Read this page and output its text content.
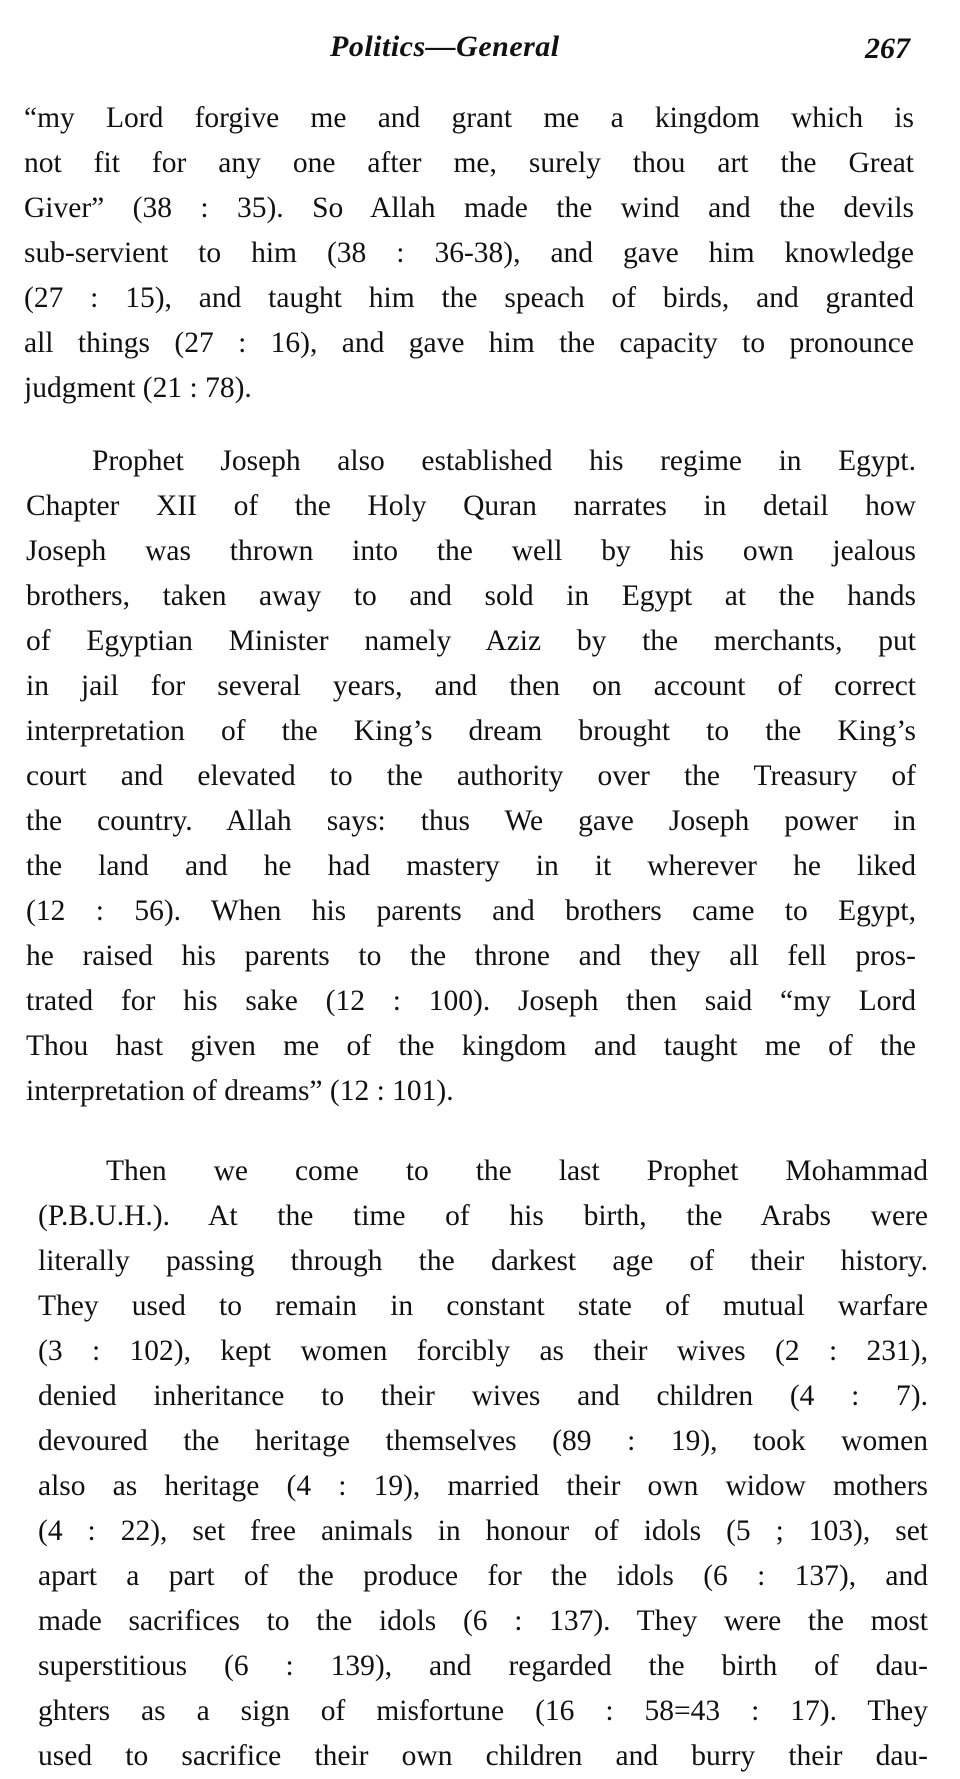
Politics—General	267
“my Lord forgive me and grant me a kingdom which is
not fit for any one after me, surely thou art the Great
Giver” (38 : 35). So Allah made the wind and the devils
sub-servient to him (38 : 36-38), and gave him knowledge
(27 : 15), and taught him the speach of birds, and granted
all things (27 : 16), and gave him the capacity to pronounce
judgment (21 : 78).
Prophet Joseph also established his regime in Egypt.
Chapter XII of the Holy Quran narrates in detail how
Joseph was thrown into the well by his own jealous
brothers, taken away to and sold in Egypt at the hands
of Egyptian Minister namely Aziz by the merchants, put
in jail for several years, and then on account of correct
interpretation of the King’s dream brought to the King’s
court and elevated to the authority over the Treasury of
the country. Allah says: thus We gave Joseph power in
the land and he had mastery in it wherever he liked
(12 : 56). When his parents and brothers came to Egypt,
he raised his parents to the throne and they all fell pros-
trated for his sake (12 : 100). Joseph then said “my Lord
Thou hast given me of the kingdom and taught me of the
interpretation of dreams” (12 : 101).
Then we come to the last Prophet Mohammad
(P.B.U.H.). At the time of his birth, the Arabs were
literally passing through the darkest age of their history.
They used to remain in constant state of mutual warfare
(3 : 102), kept women forcibly as their wives (2 : 231),
denied inheritance to their wives and children (4 : 7).
devoured the heritage themselves (89 : 19), took women
also as heritage (4 : 19), married their own widow mothers
(4 : 22), set free animals in honour of idols (5 ; 103), set
apart a part of the produce for the idols (6 : 137), and
made sacrifices to the idols (6 : 137). They were the most
superstitious (6 : 139), and regarded the birth of dau-
ghters as a sign of misfortune (16 : 58=43 : 17). They
used to sacrifice their own children and burry their dau-
